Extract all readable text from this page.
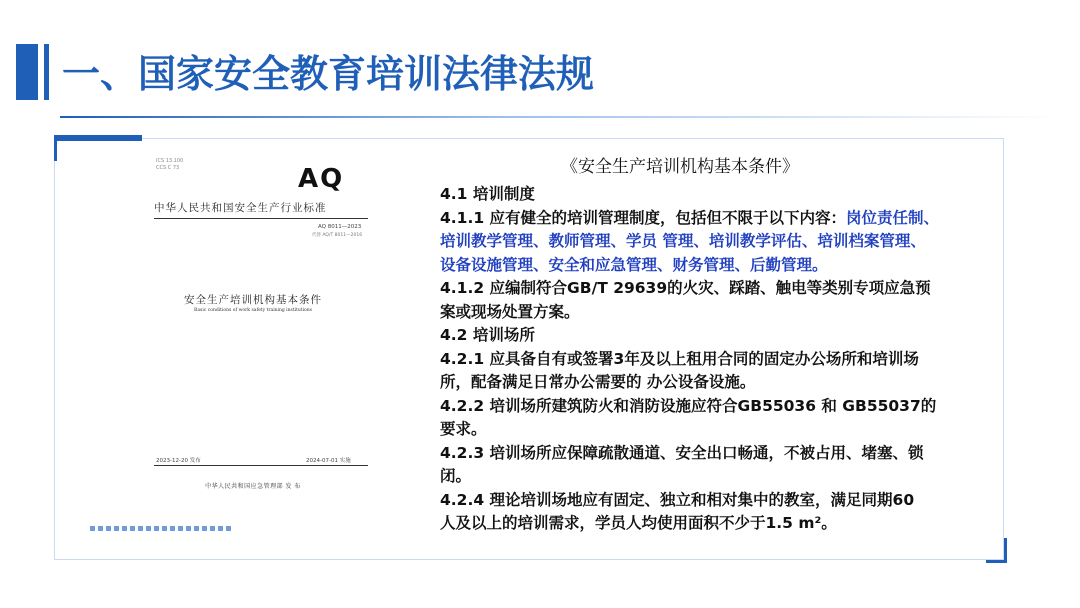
一、国家安全教育培训法律法规
ICS 13.100
CCS C 73	AQ
中华人民共和国安全生产行业标准
AQ 8011—2023
代替 AQ/T 8011—2016
安全生产培训机构基本条件
Basic conditions of work safety training institutions
2023-12-20 发布	2024-07-01 实施
中华人民共和国应急管理部 发 布
《安全生产培训机构基本条件》

4.1 培训制度

4.1.1 应有健全的培训管理制度，包括但不限于以下内容：岗位责任制、

培训教学管理、教师管理、学员 管理、培训教学评估、培训档案管理、

设备设施管理、安全和应急管理、财务管理、后勤管理。

4.1.2 应编制符合GB/T 29639的火灾、踩踏、触电等类别专项应急预

案或现场处置方案。

4.2 培训场所

4.2.1 应具备自有或签署3年及以上租用合同的固定办公场所和培训场

所，配备满足日常办公需要的 办公设备设施。

4.2.2 培训场所建筑防火和消防设施应符合GB55036 和 GB55037的

要求。

4.2.3 培训场所应保障疏散通道、安全出口畅通，不被占用、堵塞、锁

闭。

4.2.4 理论培训场地应有固定、独立和相对集中的教室，满足同期60

人及以上的培训需求，学员人均使用面积不少于1.5 m²。
